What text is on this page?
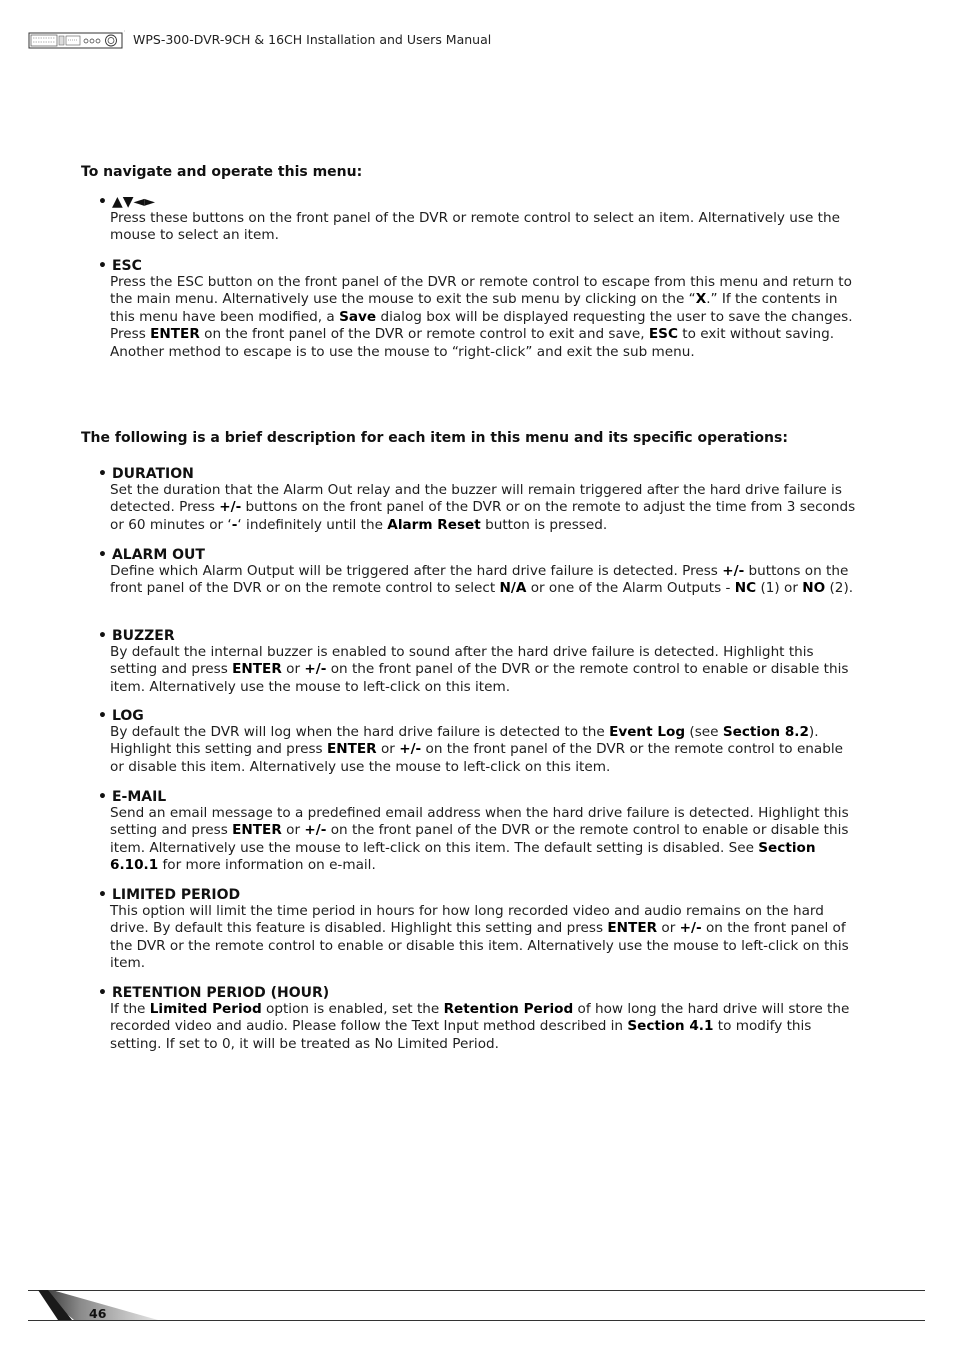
WPS-300-DVR-9CH & 16CH Installation and Users Manual

To navigate and operate this menu:

• ▲▼◄►
Press these buttons on the front panel of the DVR or remote control to select an item. Alternatively use the mouse to select an item.
• ESC
Press the ESC button on the front panel of the DVR or remote control to escape from this menu and return to the main menu. Alternatively use the mouse to exit the sub menu by clicking on the “X.” If the contents in this menu have been modified, a Save dialog box will be displayed requesting the user to save the changes. Press ENTER on the front panel of the DVR or remote control to exit and save, ESC to exit without saving. Another method to escape is to use the mouse to “right-click” and exit the sub menu.

The following is a brief description for each item in this menu and its specific operations:

• DURATION
Set the duration that the Alarm Out relay and the buzzer will remain triggered after the hard drive failure is detected. Press +/- buttons on the front panel of the DVR or on the remote to adjust the time from 3 seconds or 60 minutes or ‘-‘ indefinitely until the Alarm Reset button is pressed.
• ALARM OUT
Define which Alarm Output will be triggered after the hard drive failure is detected. Press +/- buttons on the front panel of the DVR or on the remote control to select N/A or one of the Alarm Outputs - NC (1) or NO (2).
• BUZZER
By default the internal buzzer is enabled to sound after the hard drive failure is detected. Highlight this setting and press ENTER or +/- on the front panel of the DVR or the remote control to enable or disable this item. Alternatively use the mouse to left-click on this item.
• LOG
By default the DVR will log when the hard drive failure is detected to the Event Log (see Section 8.2). Highlight this setting and press ENTER or +/- on the front panel of the DVR or the remote control to enable or disable this item. Alternatively use the mouse to left-click on this item.
• E-MAIL
Send an email message to a predefined email address when the hard drive failure is detected. Highlight this setting and press ENTER or +/- on the front panel of the DVR or the remote control to enable or disable this item. Alternatively use the mouse to left-click on this item. The default setting is disabled. See Section 6.10.1 for more information on e-mail.
• LIMITED PERIOD
This option will limit the time period in hours for how long recorded video and audio remains on the hard drive. By default this feature is disabled. Highlight this setting and press ENTER or +/- on the front panel of the DVR or the remote control to enable or disable this item. Alternatively use the mouse to left-click on this item.
• RETENTION PERIOD (HOUR)
If the Limited Period option is enabled, set the Retention Period of how long the hard drive will store the recorded video and audio. Please follow the Text Input method described in Section 4.1 to modify this setting. If set to 0, it will be treated as No Limited Period.
46
